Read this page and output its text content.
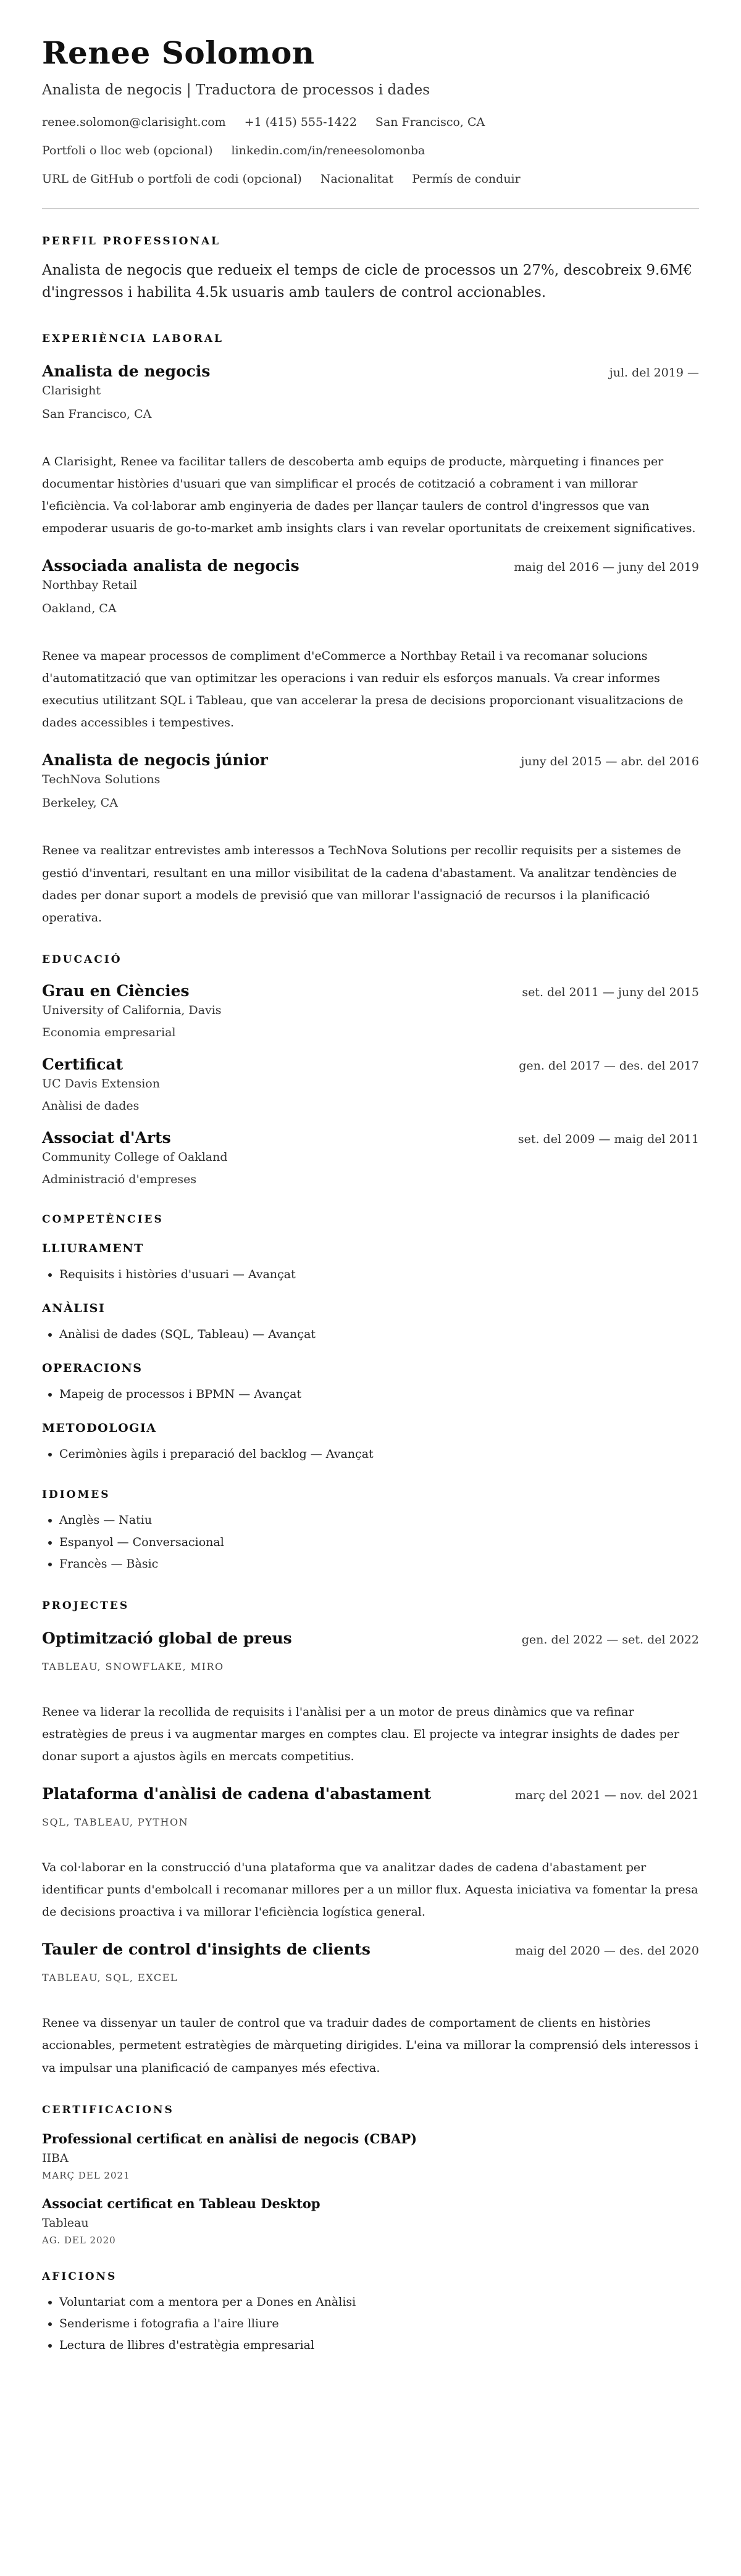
Renee Solomon
Analista de negocis | Traductora de processos i dades
renee.solomon@clarisight.com +1 (415) 555-1422 San Francisco, CA
Portfoli o lloc web (opcional) linkedin.com/in/reneesolomonba
URL de GitHub o portfoli de codi (opcional) Nacionalitat Permís de conduir
PERFIL PROFESSIONAL
Analista de negocis que redueix el temps de cicle de processos un 27%, descobreix 9.6M€ d'ingressos i habilita 4.5k usuaris amb taulers de control accionables.
EXPERIÈNCIA LABORAL
Analista de negocis	jul. del 2019 —
Clarisight
San Francisco, CA
A Clarisight, Renee va facilitar tallers de descoberta amb equips de producte, màrqueting i finances per documentar històries d'usuari que van simplificar el procés de cotització a cobrament i van millorar l'eficiència. Va col·laborar amb enginyeria de dades per llançar taulers de control d'ingressos que van empoderar usuaris de go-to-market amb insights clars i van revelar oportunitats de creixement significatives.
Associada analista de negocis	maig del 2016 — juny del 2019
Northbay Retail
Oakland, CA
Renee va mapear processos de compliment d'eCommerce a Northbay Retail i va recomanar solucions d'automatització que van optimitzar les operacions i van reduir els esforços manuals. Va crear informes executius utilitzant SQL i Tableau, que van accelerar la presa de decisions proporcionant visualitzacions de dades accessibles i tempestives.
Analista de negocis júnior	juny del 2015 — abr. del 2016
TechNova Solutions
Berkeley, CA
Renee va realitzar entrevistes amb interessos a TechNova Solutions per recollir requisits per a sistemes de gestió d'inventari, resultant en una millor visibilitat de la cadena d'abastament. Va analitzar tendències de dades per donar suport a models de previsió que van millorar l'assignació de recursos i la planificació operativa.
EDUCACIÓ
Grau en Ciències	set. del 2011 — juny del 2015
University of California, Davis
Economia empresarial
Certificat	gen. del 2017 — des. del 2017
UC Davis Extension
Anàlisi de dades
Associat d'Arts	set. del 2009 — maig del 2011
Community College of Oakland
Administració d'empreses
COMPETÈNCIES
LLIURAMENT
• Requisits i històries d'usuari — Avançat
ANÀLISI
• Anàlisi de dades (SQL, Tableau) — Avançat
OPERACIONS
• Mapeig de processos i BPMN — Avançat
METODOLOGIA
• Cerimònies àgils i preparació del backlog — Avançat
IDIOMES
• Anglès — Natiu
• Espanyol — Conversacional
• Francès — Bàsic
PROJECTES
Optimització global de preus	gen. del 2022 — set. del 2022
TABLEAU, SNOWFLAKE, MIRO
Renee va liderar la recollida de requisits i l'anàlisi per a un motor de preus dinàmics que va refinar estratègies de preus i va augmentar marges en comptes clau. El projecte va integrar insights de dades per donar suport a ajustos àgils en mercats competitius.
Plataforma d'anàlisi de cadena d'abastament	març del 2021 — nov. del 2021
SQL, TABLEAU, PYTHON
Va col·laborar en la construcció d'una plataforma que va analitzar dades de cadena d'abastament per identificar punts d'embolcall i recomanar millores per a un millor flux. Aquesta iniciativa va fomentar la presa de decisions proactiva i va millorar l'eficiència logística general.
Tauler de control d'insights de clients	maig del 2020 — des. del 2020
TABLEAU, SQL, EXCEL
Renee va dissenyar un tauler de control que va traduir dades de comportament de clients en històries accionables, permetent estratègies de màrqueting dirigides. L'eina va millorar la comprensió dels interessos i va impulsar una planificació de campanyes més efectiva.
CERTIFICACIONS
Professional certificat en anàlisi de negocis (CBAP)
IIBA
MARÇ DEL 2021
Associat certificat en Tableau Desktop
Tableau
AG. DEL 2020
AFICIONS
• Voluntariat com a mentora per a Dones en Anàlisi
• Senderisme i fotografia a l'aire lliure
• Lectura de llibres d'estratègia empresarial
